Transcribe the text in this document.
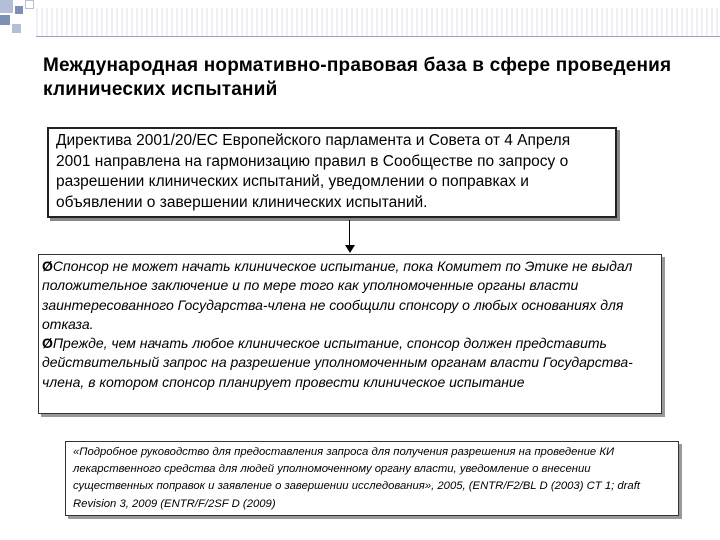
Международная нормативно-правовая база в сфере проведения клинических испытаний
Директива 2001/20/ЕС Европейского парламента и Совета от 4 Апреля 2001 направлена на гармонизацию правил в Сообществе по запросу о разрешении клинических испытаний, уведомлении о поправках и объявлении о завершении клинических испытаний.
ØСпонсор не может начать клиническое испытание, пока Комитет по Этике не выдал положительное заключение и по мере того как уполномоченные органы власти заинтересованного Государства-члена не сообщили спонсору о любых основаниях для отказа.
ØПрежде, чем начать любое клиническое испытание, спонсор должен представить действительный запрос на разрешение уполномоченным органам власти Государства-члена, в котором спонсор планирует провести клиническое испытание
«Подробное руководство для предоставления запроса для получения разрешения на проведение КИ лекарственного средства для людей уполномоченному органу власти, уведомление о внесении существенных поправок и заявление о завершении исследования», 2005, (ENTR/F2/BL D (2003) CT 1; draft Revision 3, 2009 (ENTR/F/2SF D (2009)
